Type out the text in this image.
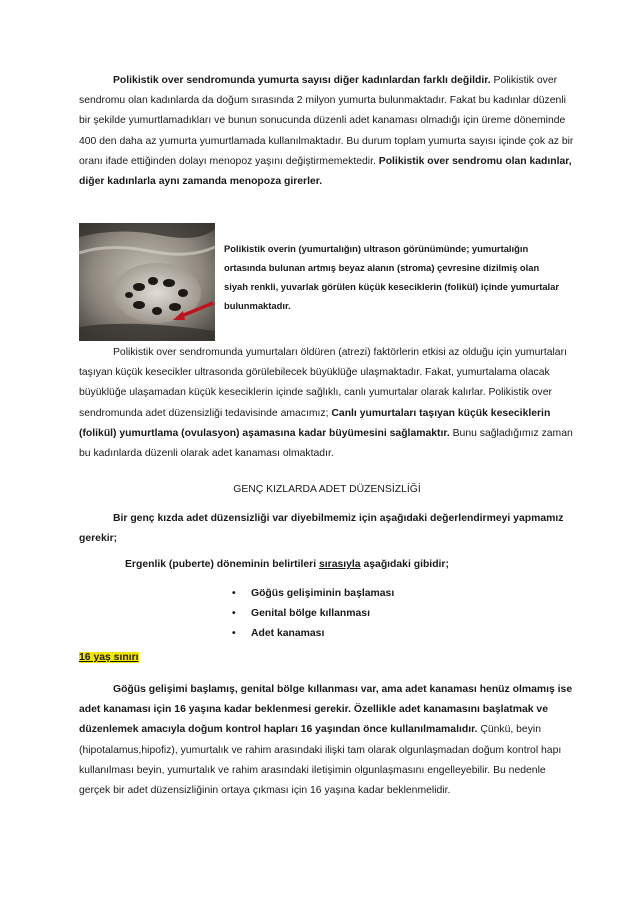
Polikistik over sendromunda yumurta sayısı diğer kadınlardan farklı değildir. Polikistik over sendromu olan kadınlarda da doğum sırasında 2 milyon yumurta bulunmaktadır. Fakat bu kadınlar düzenli bir şekilde yumurtlamadıkları ve bunun sonucunda düzenli adet kanaması olmadığı için üreme döneminde 400 den daha az yumurta yumurtlamada kullanılmaktadır. Bu durum toplam yumurta sayısı içinde çok az bir oranı ifade ettiğinden dolayı menopoz yaşını değiştirmemektedir. Polikistik over sendromu olan kadınlar, diğer kadınlarla aynı zamanda menopoza girerler.
Polikistik overin (yumurtalığın) ultrason görünümünde; yumurtalığın ortasında bulunan artmış beyaz alanın (stroma) çevresine dizilmiş olan siyah renkli, yuvarlak görülen küçük keseciklerin (folikül) içinde yumurtalar bulunmaktadır.
Polikistik over sendromunda yumurtaları öldüren (atrezi) faktörlerin etkisi az olduğu için yumurtaları taşıyan küçük kesecikler ultrasonda görülebilecek büyüklüğe ulaşmaktadır. Fakat, yumurtalama olacak büyüklüğe ulaşamadan küçük keseciklerin içinde sağlıklı, canlı yumurtalar olarak kalırlar. Polikistik over sendromunda adet düzensizliği tedavisinde amacımız; Canlı yumurtaları taşıyan küçük keseciklerin (folikül) yumurtlama (ovulasyon) aşamasına kadar büyümesini sağlamaktır. Bunu sağladığımız zaman bu kadınlarda düzenli olarak adet kanaması olmaktadır.
GENÇ KIZLARDA ADET DÜZENSİZLİĞİ
Bir genç kızda adet düzensizliği var diyebilmemiz için aşağıdaki değerlendirmeyi yapmamız gerekir;
Ergenlik (puberte) döneminin belirtileri sırasıyla aşağıdaki gibidir;
• Göğüs gelişiminin başlaması
• Genital bölge kıllanması
• Adet kanaması
16 yaş sınırı
Göğüs gelişimi başlamış, genital bölge kıllanması var, ama adet kanaması henüz olmamış ise adet kanaması için 16 yaşına kadar beklenmesi gerekir. Özellikle adet kanamasını başlatmak ve düzenlemek amacıyla doğum kontrol hapları 16 yaşından önce kullanılmamalıdır. Çünkü, beyin (hipotalamus,hipofiz), yumurtalık ve rahim arasındaki ilişki tam olarak olgunlaşmadan doğum kontrol hapı kullanılması beyin, yumurtalık ve rahim arasındaki iletişimin olgunlaşmasını engelleyebilir. Bu nedenle gerçek bir adet düzensizliğinin ortaya çıkması için 16 yaşına kadar beklenmelidir.
